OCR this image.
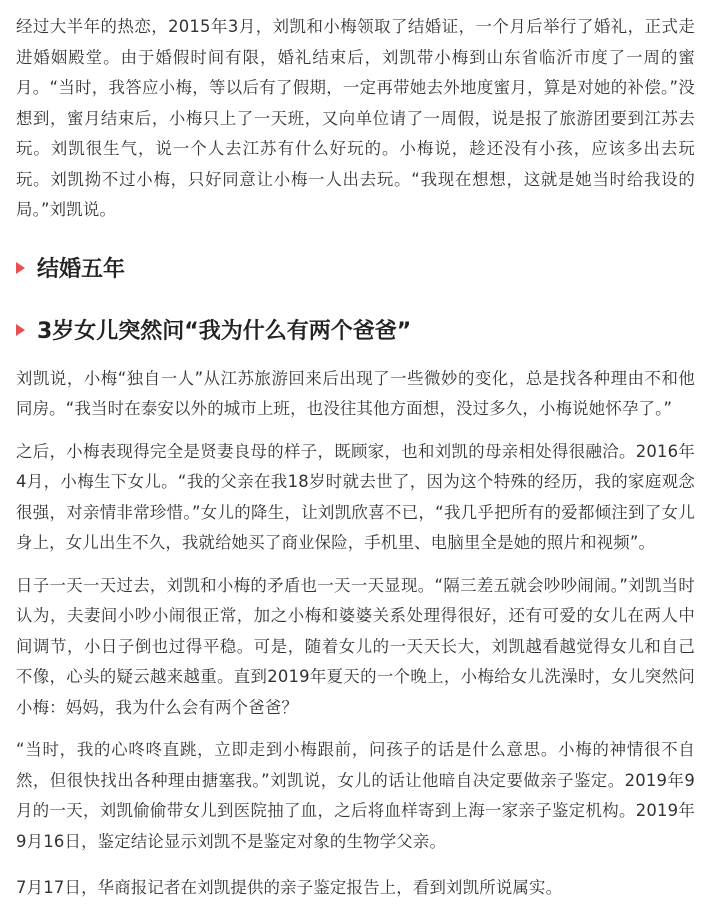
经过大半年的热恋，2015年3月，刘凯和小梅领取了结婚证，一个月后举行了婚礼，正式走进婚姻殿堂。由于婚假时间有限，婚礼结束后，刘凯带小梅到山东省临沂市度了一周的蜜月。“当时，我答应小梅，等以后有了假期，一定再带她去外地度蜜月，算是对她的补偿。”没想到，蜜月结束后，小梅只上了一天班，又向单位请了一周假，说是报了旅游团要到江苏去玩。刘凯很生气，说一个人去江苏有什么好玩的。小梅说，趁还没有小孩，应该多出去玩玩。刘凯拗不过小梅，只好同意让小梅一人出去玩。“我现在想想，这就是她当时给我设的局。”刘凯说。

结婚五年
3岁女儿突然问“我为什么有两个爸爸”

刘凯说，小梅“独自一人”从江苏旅游回来后出现了一些微妙的变化，总是找各种理由不和他同房。“我当时在泰安以外的城市上班，也没往其他方面想，没过多久，小梅说她怀孕了。”

之后，小梅表现得完全是贤妻良母的样子，既顾家，也和刘凯的母亲相处得很融洽。2016年4月，小梅生下女儿。“我的父亲在我18岁时就去世了，因为这个特殊的经历，我的家庭观念很强，对亲情非常珍惜。”女儿的降生，让刘凯欣喜不已，“我几乎把所有的爱都倾注到了女儿身上，女儿出生不久，我就给她买了商业保险，手机里、电脑里全是她的照片和视频”。

日子一天一天过去，刘凯和小梅的矛盾也一天一天显现。“隔三差五就会吵吵闹闹。”刘凯当时认为，夫妻间小吵小闹很正常，加之小梅和婆婆关系处理得很好，还有可爱的女儿在两人中间调节，小日子倒也过得平稳。可是，随着女儿的一天天长大，刘凯越看越觉得女儿和自己不像，心头的疑云越来越重。直到2019年夏天的一个晚上，小梅给女儿洗澡时，女儿突然问小梅：妈妈，我为什么会有两个爸爸？

“当时，我的心咚咚直跳，立即走到小梅跟前，问孩子的话是什么意思。小梅的神情很不自然，但很快找出各种理由搪塞我。”刘凯说，女儿的话让他暗自决定要做亲子鉴定。2019年9月的一天，刘凯偷偷带女儿到医院抽了血，之后将血样寄到上海一家亲子鉴定机构。2019年9月16日，鉴定结论显示刘凯不是鉴定对象的生物学父亲。

7月17日，华商报记者在刘凯提供的亲子鉴定报告上，看到刘凯所说属实。
